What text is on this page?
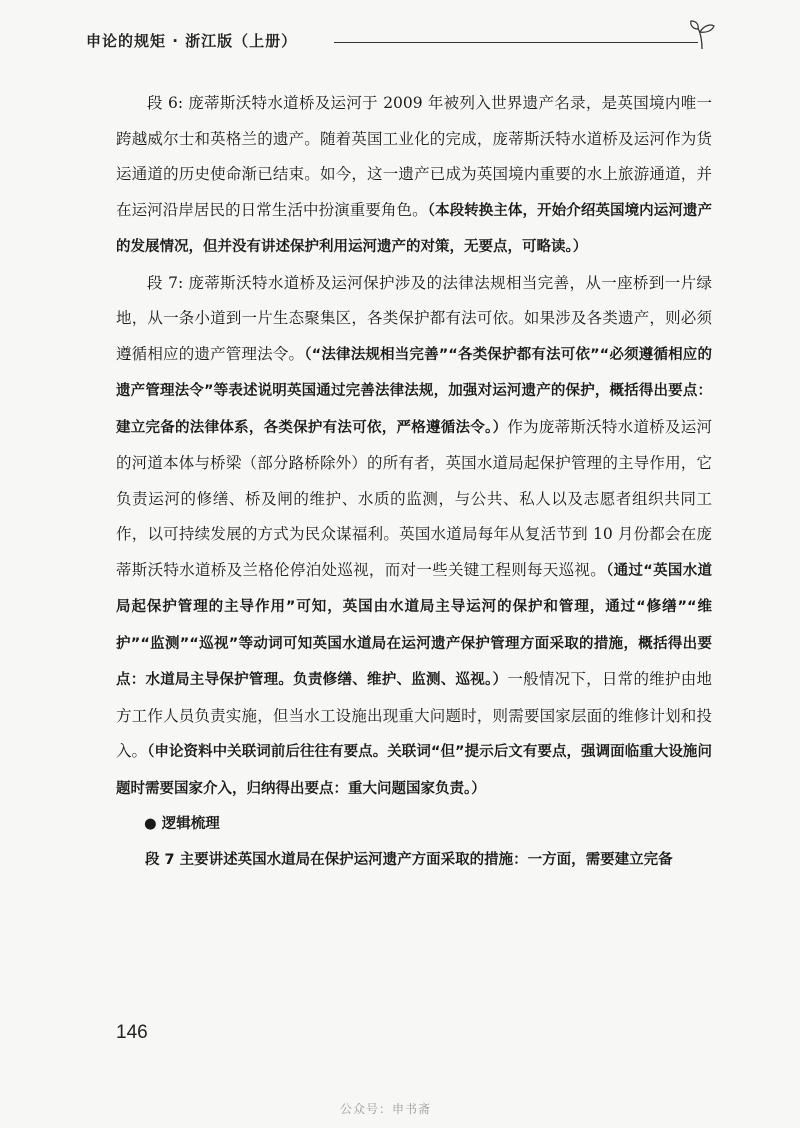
申论的规矩 · 浙江版（上册）

段 6: 庞蒂斯沃特水道桥及运河于 2009 年被列入世界遗产名录，是英国境内唯一跨越威尔士和英格兰的遗产。随着英国工业化的完成，庞蒂斯沃特水道桥及运河作为货运通道的历史使命渐已结束。如今，这一遗产已成为英国境内重要的水上旅游通道，并在运河沿岸居民的日常生活中扮演重要角色。（本段转换主体，开始介绍英国境内运河遗产的发展情况，但并没有讲述保护利用运河遗产的对策，无要点，可略读。）

段 7: 庞蒂斯沃特水道桥及运河保护涉及的法律法规相当完善，从一座桥到一片绿地，从一条小道到一片生态聚集区，各类保护都有法可依。如果涉及各类遗产，则必须遵循相应的遗产管理法令。（“法律法规相当完善”“各类保护都有法可依”“必须遵循相应的遗产管理法令”等表述说明英国通过完善法律法规，加强对运河遗产的保护，概括得出要点：建立完备的法律体系，各类保护有法可依，严格遵循法令。）作为庞蒂斯沃特水道桥及运河的河道本体与桥梁（部分路桥除外）的所有者，英国水道局起保护管理的主导作用，它负责运河的修缮、桥及闸的维护、水质的监测，与公共、私人以及志愿者组织共同工作，以可持续发展的方式为民众谋福利。英国水道局每年从复活节到 10 月份都会在庞蒂斯沃特水道桥及兰格伦停泊处巡视，而对一些关键工程则每天巡视。（通过“英国水道局起保护管理的主导作用”可知，英国由水道局主导运河的保护和管理，通过“修缮”“维护”“监测”“巡视”等动词可知英国水道局在运河遗产保护管理方面采取的措施，概括得出要点：水道局主导保护管理。负责修缮、维护、监测、巡视。）一般情况下，日常的维护由地方工作人员负责实施，但当水工设施出现重大问题时，则需要国家层面的维修计划和投入。（申论资料中关联词前后往往有要点。关联词“但”提示后文有要点，强调面临重大设施问题时需要国家介入，归纳得出要点：重大问题国家负责。）

● 逻辑梳理

段 7 主要讲述英国水道局在保护运河遗产方面采取的措施：一方面，需要建立完备

146
公众号：申书斋
